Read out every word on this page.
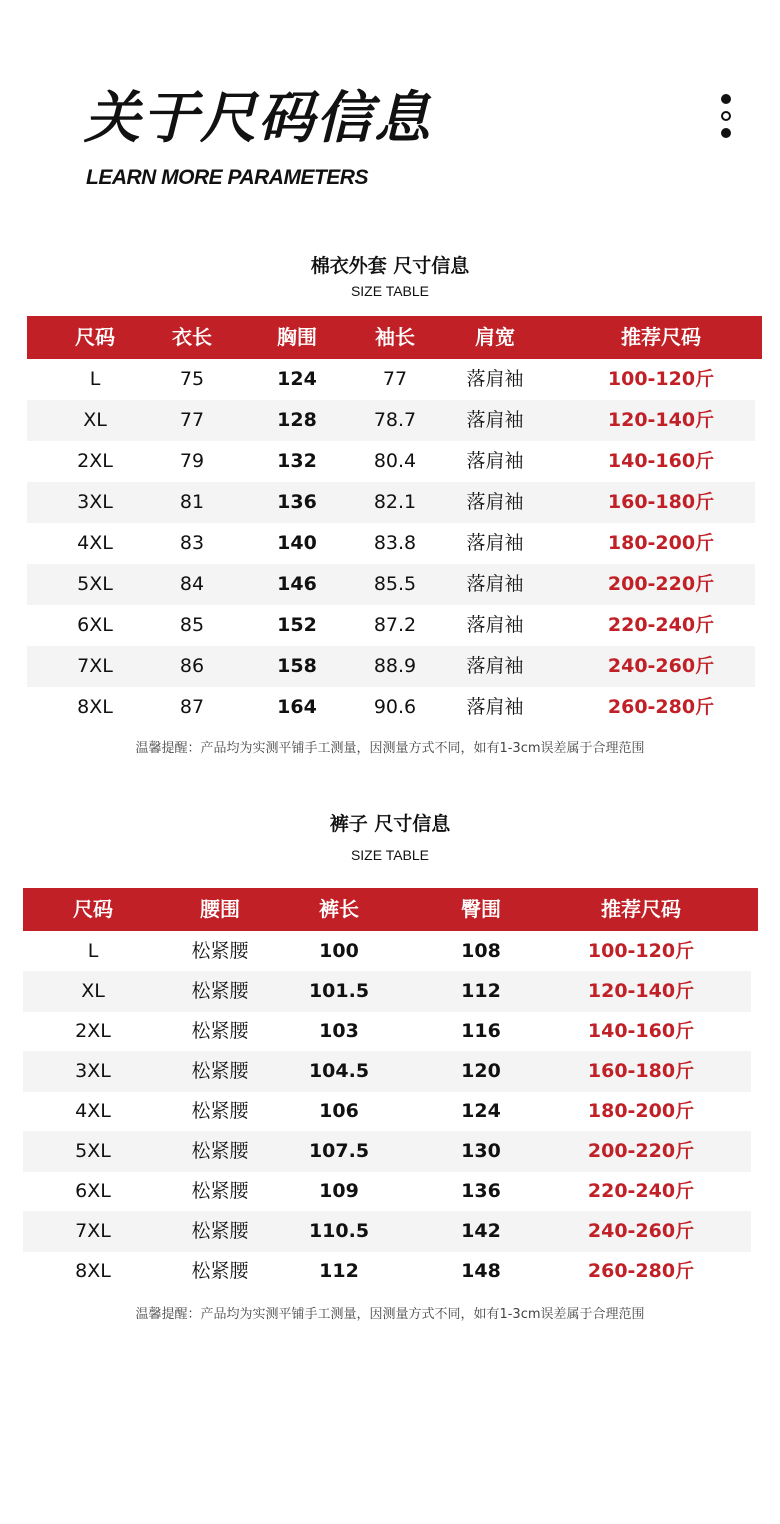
关于尺码信息
LEARN MORE PARAMETERS
棉衣外套 尺寸信息
SIZE TABLE
尺码	衣长	胸围	袖长	肩宽	推荐尺码
L	75	124	77	落肩袖	100-120斤
XL	77	128	78.7	落肩袖	120-140斤
2XL	79	132	80.4	落肩袖	140-160斤
3XL	81	136	82.1	落肩袖	160-180斤
4XL	83	140	83.8	落肩袖	180-200斤
5XL	84	146	85.5	落肩袖	200-220斤
6XL	85	152	87.2	落肩袖	220-240斤
7XL	86	158	88.9	落肩袖	240-260斤
8XL	87	164	90.6	落肩袖	260-280斤
温馨提醒：产品均为实测平铺手工测量，因测量方式不同，如有1-3cm误差属于合理范围
裤子 尺寸信息
SIZE TABLE
尺码	腰围	裤长	臀围	推荐尺码
L	松紧腰	100	108	100-120斤
XL	松紧腰	101.5	112	120-140斤
2XL	松紧腰	103	116	140-160斤
3XL	松紧腰	104.5	120	160-180斤
4XL	松紧腰	106	124	180-200斤
5XL	松紧腰	107.5	130	200-220斤
6XL	松紧腰	109	136	220-240斤
7XL	松紧腰	110.5	142	240-260斤
8XL	松紧腰	112	148	260-280斤
温馨提醒：产品均为实测平铺手工测量，因测量方式不同，如有1-3cm误差属于合理范围
